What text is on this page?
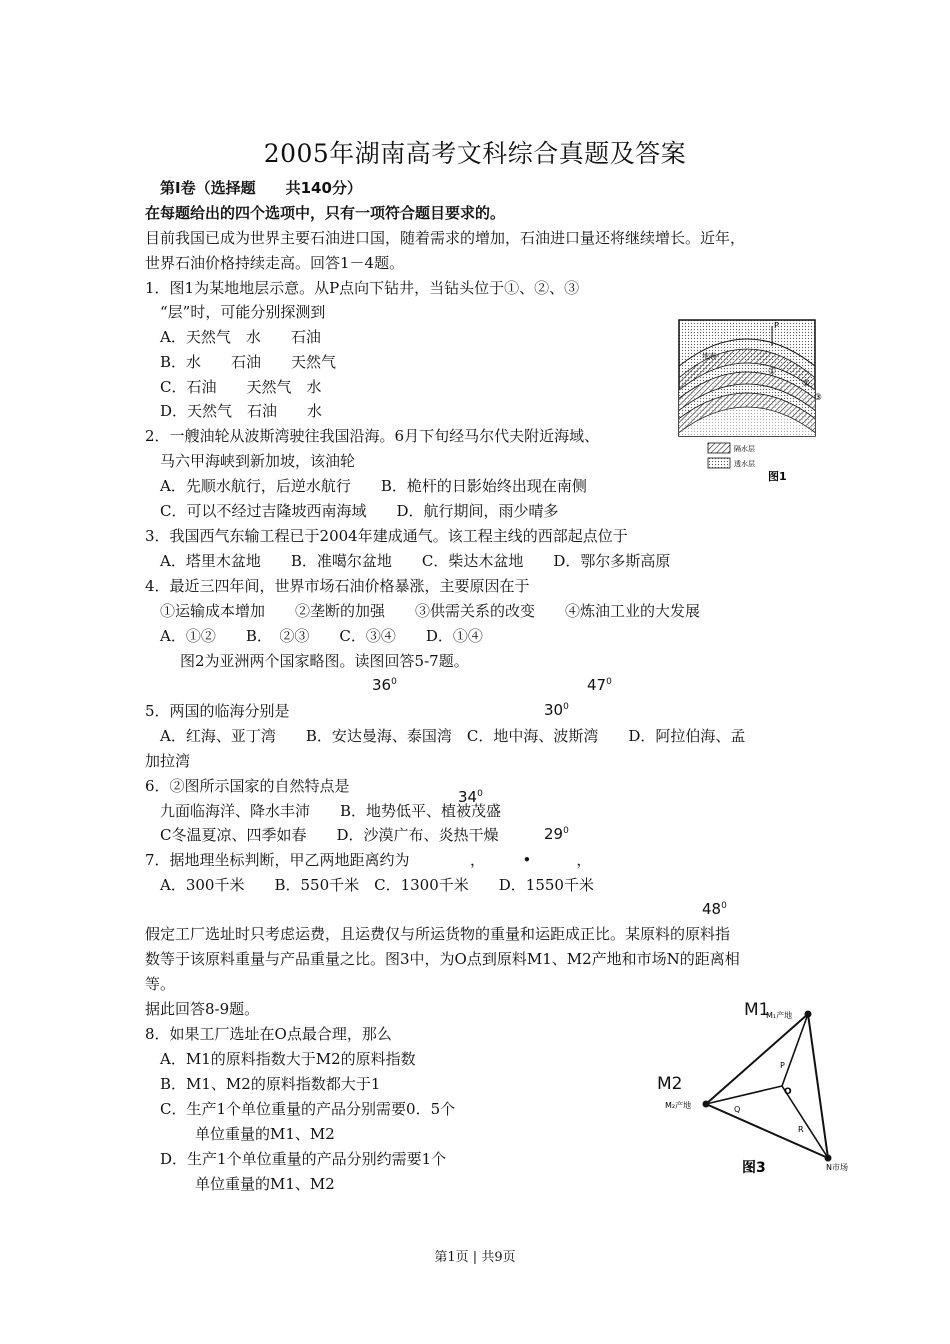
2005年湖南高考文科综合真题及答案
第Ⅰ卷（选择题　　共140分）
在每题给出的四个选项中，只有一项符合题目要求的。
目前我国已成为世界主要石油进口国，随着需求的增加，石油进口量还将继续增长。近年，
世界石油价格持续走高。回答1－4题。
1．图1为某地地层示意。从P点向下钻井，当钻头位于①、②、③
“层”时，可能分别探测到
A．天然气　水　　石油
B．水　　石油　　天然气
C．石油　　天然气　水
D．天然气　石油　　水
2．一艘油轮从波斯湾驶往我国沿海。6月下旬经马尔代夫附近海域、
马六甲海峡到新加坡，该油轮
A．先顺水航行，后逆水航行　　B．桅杆的日影始终出现在南侧
C．可以不经过吉隆坡西南海域　　D．航行期间，雨少晴多
3．我国西气东输工程已于2004年建成通气。该工程主线的西部起点位于
A．塔里木盆地　　B．准噶尔盆地　　C．柴达木盆地　　D．鄂尔多斯高原
4．最近三四年间，世界市场石油价格暴涨，主要原因在于
①运输成本增加　　②垄断的加强　　③供需关系的改变　　④炼油工业的大发展
A．①②　　B．　②③　　C．③④　　D．①④
图2为亚洲两个国家略图。读图回答5-7题。
$36^0$	$47^0$
$30^0$
5．两国的临海分别是
A．红海、亚丁湾　　B．安达曼海、泰国湾　C．地中海、波斯湾　　D．阿拉伯海、孟
加拉湾
6．②图所示国家的自然特点是
九面临海洋、降水丰沛　　B．地势低平、植被茂盛
$34^0$
C冬温夏凉、四季如春　　D．沙漠广布、炎热干燥	$29^0$
7．据地理坐标判断，甲乙两地距离约为	，　　　•　　　，
A．300千米　　B．550千米　C．1300千米　　D．1550千米
$48^0$
假定工厂选址时只考虑运费，且运费仅与所运货物的重量和运距成正比。某原料的原料指
数等于该原料重量与产品重量之比。图3中，为O点到原料M1、M2产地和市场N的距离相
等。
据此回答8-9题。
8．如果工厂选址在O点最合理，那么
A．M1的原料指数大于M2的原料指数
B．M1、M2的原料指数都大于1
C．生产1个单位重量的产品分别需要0．5个
单位重量的M1、M2
D．生产1个单位重量的产品分别约需要1个
单位重量的M1、M2
P
地表
①
②
③
隔水层
透水层
图1
M1
M2
M₁产地
M₂产地
N市场
P
O
Q
R
图3
第1页 | 共9页
